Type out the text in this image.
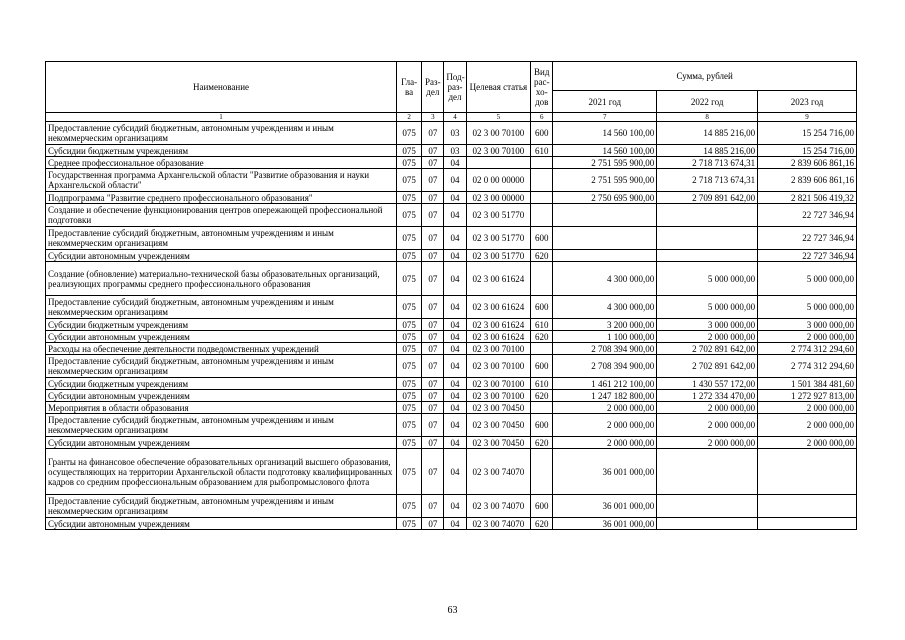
Наименование	Гла-ва	Раз-дел	Под-раз-дел	Целевая статья	Вид рас-хо-дов	Сумма, рублей		
						2021 год	2022 год	2023 год
1	2	3	4	5	6	7	8	9
Предоставление субсидий бюджетным, автономным учреждениям и иным некоммерческим организациям	075	07	03	02 3 00 70100	600	14 560 100,00	14 885 216,00	15 254 716,00
Субсидии бюджетным учреждениям	075	07	03	02 3 00 70100	610	14 560 100,00	14 885 216,00	15 254 716,00
Среднее профессиональное образование	075	07	04			2 751 595 900,00	2 718 713 674,31	2 839 606 861,16
Государственная программа Архангельской области "Развитие образования и науки Архангельской области"	075	07	04	02 0 00 00000		2 751 595 900,00	2 718 713 674,31	2 839 606 861,16
Подпрограмма "Развитие среднего профессионального образования"	075	07	04	02 3 00 00000		2 750 695 900,00	2 709 891 642,00	2 821 506 419,32
Создание и обеспечение функционирования центров опережающей профессиональной подготовки	075	07	04	02 3 00 51770				22 727 346,94
Предоставление субсидий бюджетным, автономным учреждениям и иным некоммерческим организациям	075	07	04	02 3 00 51770	600			22 727 346,94
Субсидии автономным учреждениям	075	07	04	02 3 00 51770	620			22 727 346,94
Создание (обновление) материально-технической базы образовательных организаций, реализующих программы среднего профессионального образования	075	07	04	02 3 00 61624		4 300 000,00	5 000 000,00	5 000 000,00
Предоставление субсидий бюджетным, автономным учреждениям и иным некоммерческим организациям	075	07	04	02 3 00 61624	600	4 300 000,00	5 000 000,00	5 000 000,00
Субсидии бюджетным учреждениям	075	07	04	02 3 00 61624	610	3 200 000,00	3 000 000,00	3 000 000,00
Субсидии автономным учреждениям	075	07	04	02 3 00 61624	620	1 100 000,00	2 000 000,00	2 000 000,00
Расходы на обеспечение деятельности подведомственных учреждений	075	07	04	02 3 00 70100		2 708 394 900,00	2 702 891 642,00	2 774 312 294,60
Предоставление субсидий бюджетным, автономным учреждениям и иным некоммерческим организациям	075	07	04	02 3 00 70100	600	2 708 394 900,00	2 702 891 642,00	2 774 312 294,60
Субсидии бюджетным учреждениям	075	07	04	02 3 00 70100	610	1 461 212 100,00	1 430 557 172,00	1 501 384 481,60
Субсидии автономным учреждениям	075	07	04	02 3 00 70100	620	1 247 182 800,00	1 272 334 470,00	1 272 927 813,00
Мероприятия в области образования	075	07	04	02 3 00 70450		2 000 000,00	2 000 000,00	2 000 000,00
Предоставление субсидий бюджетным, автономным учреждениям и иным некоммерческим организациям	075	07	04	02 3 00 70450	600	2 000 000,00	2 000 000,00	2 000 000,00
Субсидии автономным учреждениям	075	07	04	02 3 00 70450	620	2 000 000,00	2 000 000,00	2 000 000,00
Гранты на финансовое обеспечение образовательных организаций высшего образования, осуществляющих на территории Архангельской области подготовку квалифицированных кадров со средним профессиональным образованием для рыбопромыслового флота	075	07	04	02 3 00 74070		36 001 000,00		
Предоставление субсидий бюджетным, автономным учреждениям и иным некоммерческим организациям	075	07	04	02 3 00 74070	600	36 001 000,00		
Субсидии автономным учреждениям	075	07	04	02 3 00 74070	620	36 001 000,00		
63
